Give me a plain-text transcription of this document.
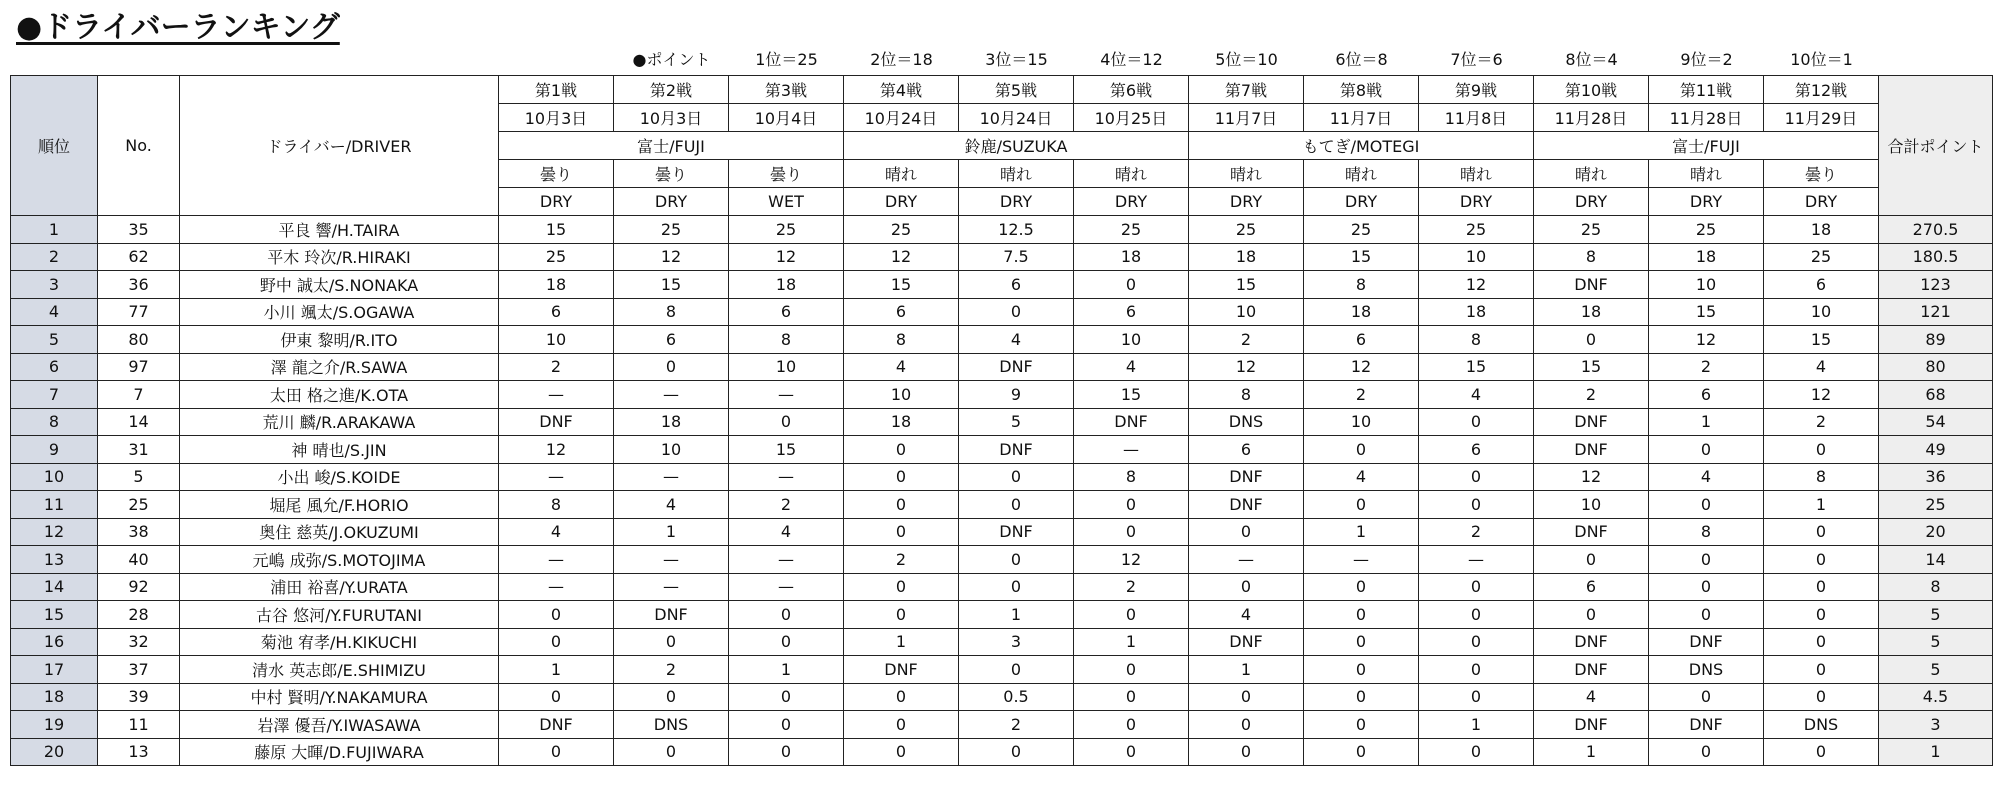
●ドライバーランキング
●ポイント	1位＝25	2位＝18	3位＝15	4位＝12	5位＝10	6位＝8	7位＝6	8位＝4	9位＝2	10位＝1
順位	No.	ドライバー/DRIVER	第1戦	第2戦	第3戦	第4戦	第5戦	第6戦	第7戦	第8戦	第9戦	第10戦	第11戦	第12戦	合計ポイント
			10月3日	10月3日	10月4日	10月24日	10月24日	10月25日	11月7日	11月7日	11月8日	11月28日	11月28日	11月29日	
			富士/FUJI			鈴鹿/SUZUKA			もてぎ/MOTEGI			富士/FUJI			
			曇り	曇り	曇り	晴れ	晴れ	晴れ	晴れ	晴れ	晴れ	晴れ	晴れ	曇り	
			DRY	DRY	WET	DRY	DRY	DRY	DRY	DRY	DRY	DRY	DRY	DRY	
1	35	平良 響/H.TAIRA	15	25	25	25	12.5	25	25	25	25	25	25	18	270.5
2	62	平木 玲次/R.HIRAKI	25	12	12	12	7.5	18	18	15	10	8	18	25	180.5
3	36	野中 誠太/S.NONAKA	18	15	18	15	6	0	15	8	12	DNF	10	6	123
4	77	小川 颯太/S.OGAWA	6	8	6	6	0	6	10	18	18	18	15	10	121
5	80	伊東 黎明/R.ITO	10	6	8	8	4	10	2	6	8	0	12	15	89
6	97	澤 龍之介/R.SAWA	2	0	10	4	DNF	4	12	12	15	15	2	4	80
7	7	太田 格之進/K.OTA	—	—	—	10	9	15	8	2	4	2	6	12	68
8	14	荒川 麟/R.ARAKAWA	DNF	18	0	18	5	DNF	DNS	10	0	DNF	1	2	54
9	31	神 晴也/S.JIN	12	10	15	0	DNF	—	6	0	6	DNF	0	0	49
10	5	小出 峻/S.KOIDE	—	—	—	0	0	8	DNF	4	0	12	4	8	36
11	25	堀尾 風允/F.HORIO	8	4	2	0	0	0	DNF	0	0	10	0	1	25
12	38	奥住 慈英/J.OKUZUMI	4	1	4	0	DNF	0	0	1	2	DNF	8	0	20
13	40	元嶋 成弥/S.MOTOJIMA	—	—	—	2	0	12	—	—	—	0	0	0	14
14	92	浦田 裕喜/Y.URATA	—	—	—	0	0	2	0	0	0	6	0	0	8
15	28	古谷 悠河/Y.FURUTANI	0	DNF	0	0	1	0	4	0	0	0	0	0	5
16	32	菊池 宥孝/H.KIKUCHI	0	0	0	1	3	1	DNF	0	0	DNF	DNF	0	5
17	37	清水 英志郎/E.SHIMIZU	1	2	1	DNF	0	0	1	0	0	DNF	DNS	0	5
18	39	中村 賢明/Y.NAKAMURA	0	0	0	0	0.5	0	0	0	0	4	0	0	4.5
19	11	岩澤 優吾/Y.IWASAWA	DNF	DNS	0	0	2	0	0	0	1	DNF	DNF	DNS	3
20	13	藤原 大暉/D.FUJIWARA	0	0	0	0	0	0	0	0	0	1	0	0	1
